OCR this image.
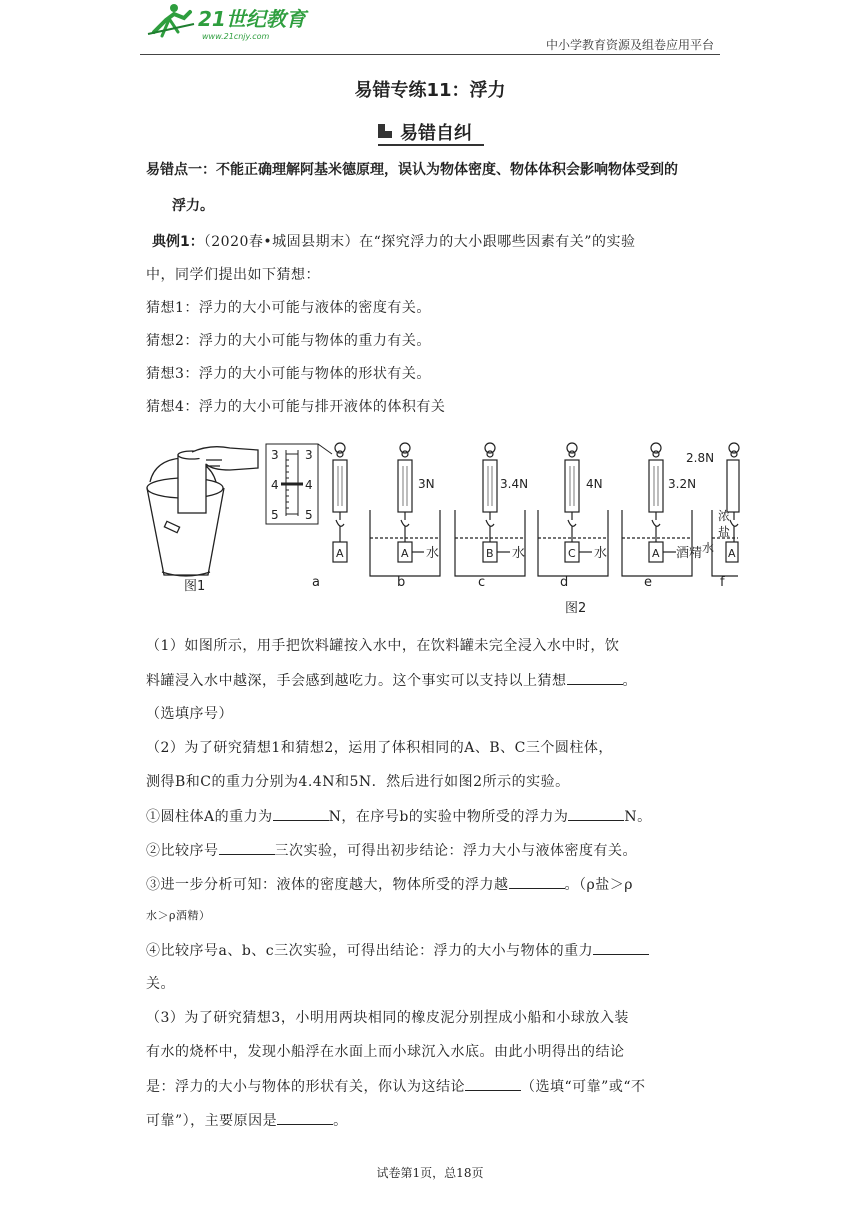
21世纪教育
www.21cnjy.com
中小学教育资源及组卷应用平台
易错专练11：浮力
易错自纠
易错点一：不能正确理解阿基米德原理，误认为物体密度、物体体积会影响物体受到的
浮力。
典例1：（2020春•城固县期末）在“探究浮力的大小跟哪些因素有关”的实验
中，同学们提出如下猜想：
猜想1：浮力的大小可能与液体的密度有关。
猜想2：浮力的大小可能与物体的重力有关。
猜想3：浮力的大小可能与物体的形状有关。
猜想4：浮力的大小可能与排开液体的体积有关
图1
3
4
5
3
4
5
A
a
A
3N
水
b
B
3.4N
水
c
C
4N
水
d
A
3.2N
酒精
e
A
2.8N
浓
盐
水
f
图2
（1）如图所示，用手把饮料罐按入水中，在饮料罐未完全浸入水中时，饮
料罐浸入水中越深，手会感到越吃力。这个事实可以支持以上猜想	。
（选填序号）
（2）为了研究猜想1和猜想2，运用了体积相同的A、B、C三个圆柱体，
测得B和C的重力分别为4.4N和5N．然后进行如图2所示的实验。
①圆柱体A的重力为	N，在序号b的实验中物所受的浮力为	N。
②比较序号	三次实验，可得出初步结论：浮力大小与液体密度有关。
③进一步分析可知：液体的密度越大，物体所受的浮力越	。（ρ盐＞ρ
水＞ρ酒精）
④比较序号a、b、c三次实验，可得出结论：浮力的大小与物体的重力
关。
（3）为了研究猜想3，小明用两块相同的橡皮泥分别捏成小船和小球放入装
有水的烧杯中，发现小船浮在水面上而小球沉入水底。由此小明得出的结论
是：浮力的大小与物体的形状有关，你认为这结论	（选填“可靠”或“不
可靠”），主要原因是	。
试卷第1页，总18页
